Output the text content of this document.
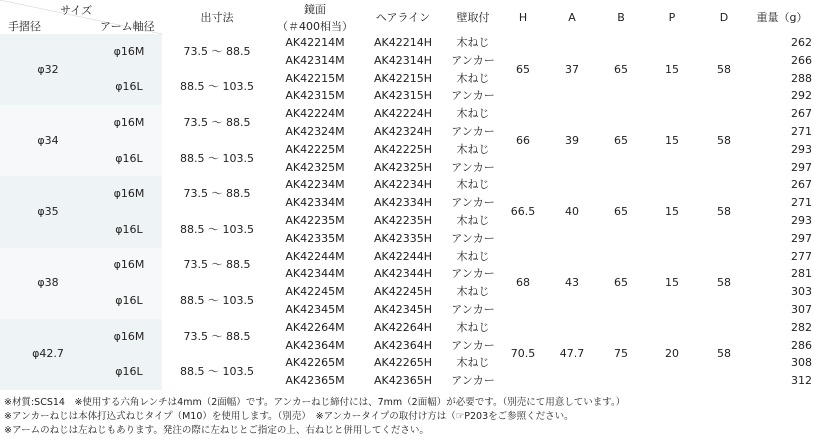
サイズ
手摺径 アーム軸径		出寸法	鏡面	ヘアライン	壁取付	H	A	B	P	D	重量（g）
			（＃400相当）								
φ32	φ16M	73.5 ～ 88.5	AK42214M	AK42214H	木ねじ	65	37	65	15	58	262
			AK42314M	AK42314H	アンカー						266
	φ16L	88.5 ～ 103.5	AK42215M	AK42215H	木ねじ						288
			AK42315M	AK42315H	アンカー						292
φ34	φ16M	73.5 ～ 88.5	AK42224M	AK42224H	木ねじ	66	39	65	15	58	267
			AK42324M	AK42324H	アンカー						271
	φ16L	88.5 ～ 103.5	AK42225M	AK42225H	木ねじ						293
			AK42325M	AK42325H	アンカー						297
φ35	φ16M	73.5 ～ 88.5	AK42234M	AK42234H	木ねじ	66.5	40	65	15	58	267
			AK42334M	AK42334H	アンカー						271
	φ16L	88.5 ～ 103.5	AK42235M	AK42235H	木ねじ						293
			AK42335M	AK42335H	アンカー						297
φ38	φ16M	73.5 ～ 88.5	AK42244M	AK42244H	木ねじ	68	43	65	15	58	277
			AK42344M	AK42344H	アンカー						281
	φ16L	88.5 ～ 103.5	AK42245M	AK42245H	木ねじ						303
			AK42345M	AK42345H	アンカー						307
φ42.7	φ16M	73.5 ～ 88.5	AK42264M	AK42264H	木ねじ	70.5	47.7	75	20	58	282
			AK42364M	AK42364H	アンカー						286
	φ16L	88.5 ～ 103.5	AK42265M	AK42265H	木ねじ						308
			AK42365M	AK42365H	アンカー						312
※材質:SCS14　※使用する六角レンチは4mm（2面幅）です。アンカーねじ締付には、7mm（2面幅）が必要です。（別売にて用意しています。）
※アンカーねじは本体打込式ねじタイプ（M10）を使用します。（別売）　※アンカータイプの取付け方は（☞P203をご参照ください。
※アームのねじは左ねじもあります。発注の際に左ねじとご指定の上、右ねじと併用してください。
